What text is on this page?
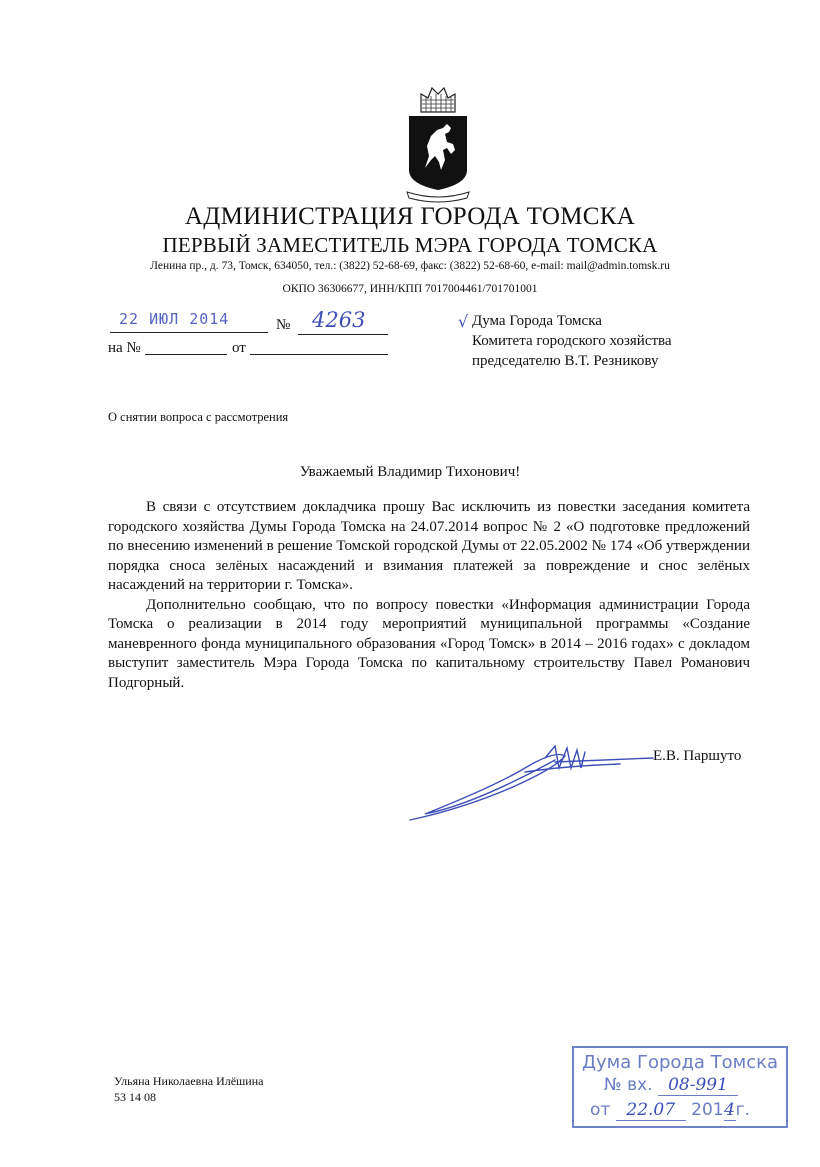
АДМИНИСТРАЦИЯ ГОРОДА ТОМСКА
ПЕРВЫЙ ЗАМЕСТИТЕЛЬ МЭРА ГОРОДА ТОМСКА
Ленина пр., д. 73, Томск, 634050, тел.: (3822) 52-68-69, факс: (3822) 52-68-60, e-mail: mail@admin.tomsk.ru
ОКПО 36306677, ИНН/КПП 7017004461/701701001
22 ИЮЛ 2014	№ 4263
на №	от
√ Дума Города Томска
Комитета городского хозяйства
председателю В.Т. Резникову
О снятии вопроса с рассмотрения
Уважаемый Владимир Тихонович!

В связи с отсутствием докладчика прошу Вас исключить из повестки заседания комитета городского хозяйства Думы Города Томска на 24.07.2014 вопрос № 2 «О подготовке предложений по внесению изменений в решение Томской городской Думы от 22.05.2002 № 174 «Об утверждении порядка сноса зелёных насаждений и взимания платежей за повреждение и снос зелёных насаждений на территории г. Томска».

Дополнительно сообщаю, что по вопросу повестки «Информация администрации Города Томска о реализации в 2014 году мероприятий муниципальной программы «Создание маневренного фонда муниципального образования «Город Томск» в 2014 – 2016 годах» с докладом выступит заместитель Мэра Города Томска по капитальному строительству Павел Романович Подгорный.

Е.В. Паршуто
Ульяна Николаевна Илёшина
53 14 08
Дума Города Томска
№ вх. 08-991
от 22.07 2014г.
